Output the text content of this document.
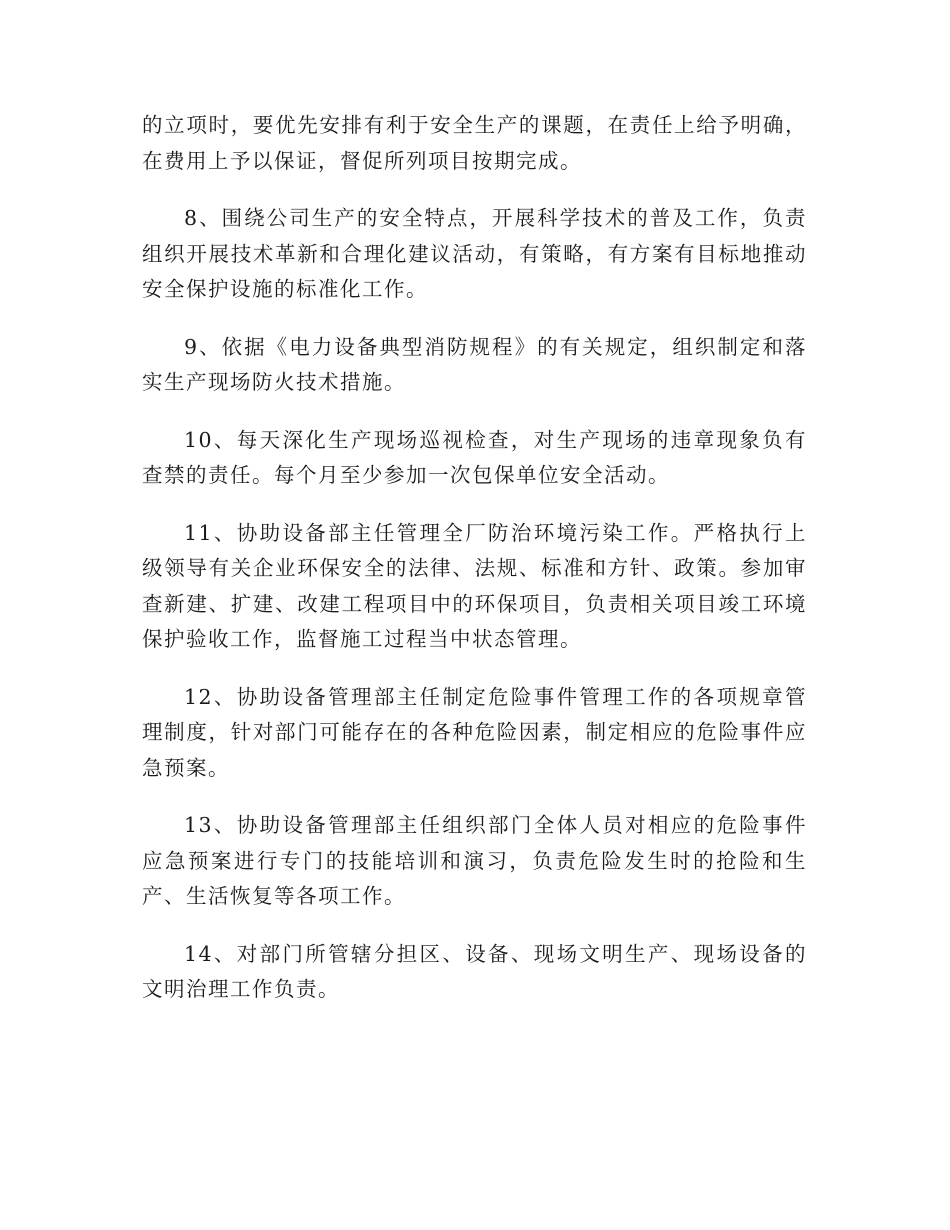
的立项时，要优先安排有利于安全生产的课题，在责任上给予明确，在费用上予以保证，督促所列项目按期完成。

8、围绕公司生产的安全特点，开展科学技术的普及工作，负责组织开展技术革新和合理化建议活动，有策略，有方案有目标地推动安全保护设施的标准化工作。

9、依据《电力设备典型消防规程》的有关规定，组织制定和落实生产现场防火技术措施。

10、每天深化生产现场巡视检查，对生产现场的违章现象负有查禁的责任。每个月至少参加一次包保单位安全活动。

11、协助设备部主任管理全厂防治环境污染工作。严格执行上级领导有关企业环保安全的法律、法规、标准和方针、政策。参加审查新建、扩建、改建工程项目中的环保项目，负责相关项目竣工环境保护验收工作，监督施工过程当中状态管理。

12、协助设备管理部主任制定危险事件管理工作的各项规章管理制度，针对部门可能存在的各种危险因素，制定相应的危险事件应急预案。

13、协助设备管理部主任组织部门全体人员对相应的危险事件应急预案进行专门的技能培训和演习，负责危险发生时的抢险和生产、生活恢复等各项工作。

14、对部门所管辖分担区、设备、现场文明生产、现场设备的文明治理工作负责。
